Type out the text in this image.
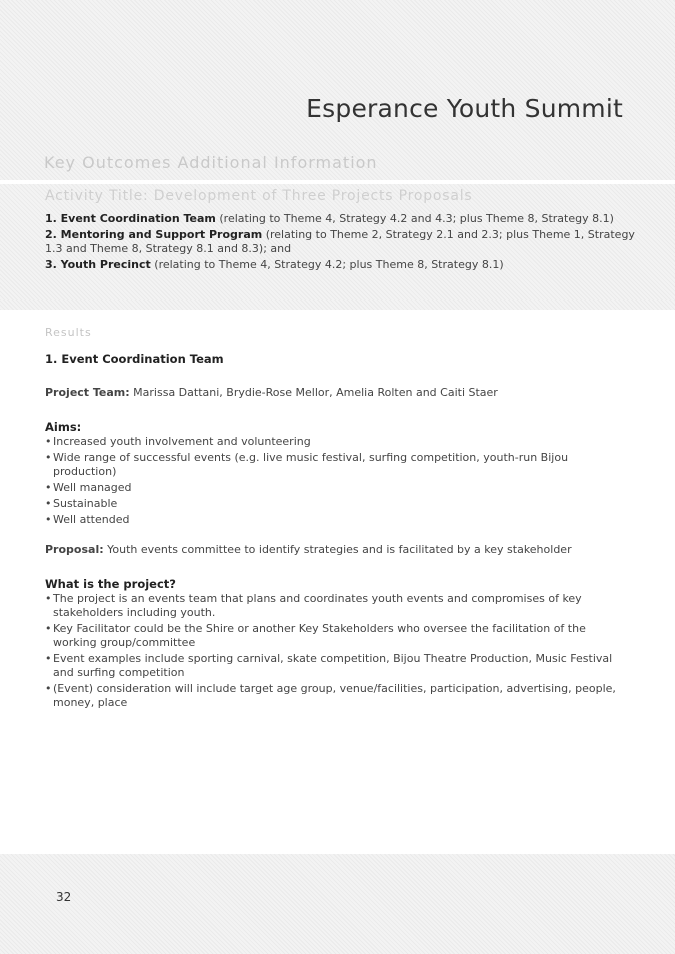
Esperance Youth Summit
Key Outcomes Additional Information
Activity Title: Development of Three Projects Proposals

1. Event Coordination Team (relating to Theme 4, Strategy 4.2 and 4.3; plus Theme 8, Strategy 8.1)

2. Mentoring and Support Program (relating to Theme 2, Strategy 2.1 and 2.3; plus Theme 1, Strategy 1.3 and Theme 8, Strategy 8.1 and 8.3); and

3. Youth Precinct (relating to Theme 4, Strategy 4.2; plus Theme 8, Strategy 8.1)

Results

1. Event Coordination Team

Project Team: Marissa Dattani, Brydie-Rose Mellor, Amelia Rolten and Caiti Staer

Aims:

• Increased youth involvement and volunteering
• Wide range of successful events (e.g. live music festival, surfing competition, youth-run Bijou production)
• Well managed
• Sustainable
• Well attended

Proposal: Youth events committee to identify strategies and is facilitated by a key stakeholder

What is the project?

• The project is an events team that plans and coordinates youth events and compromises of key stakeholders including youth.
• Key Facilitator could be the Shire or another Key Stakeholders who oversee the facilitation of the working group/committee
• Event examples include sporting carnival, skate competition, Bijou Theatre Production, Music Festival and surfing competition
• (Event) consideration will include target age group, venue/facilities, participation, advertising, people, money, place
32
